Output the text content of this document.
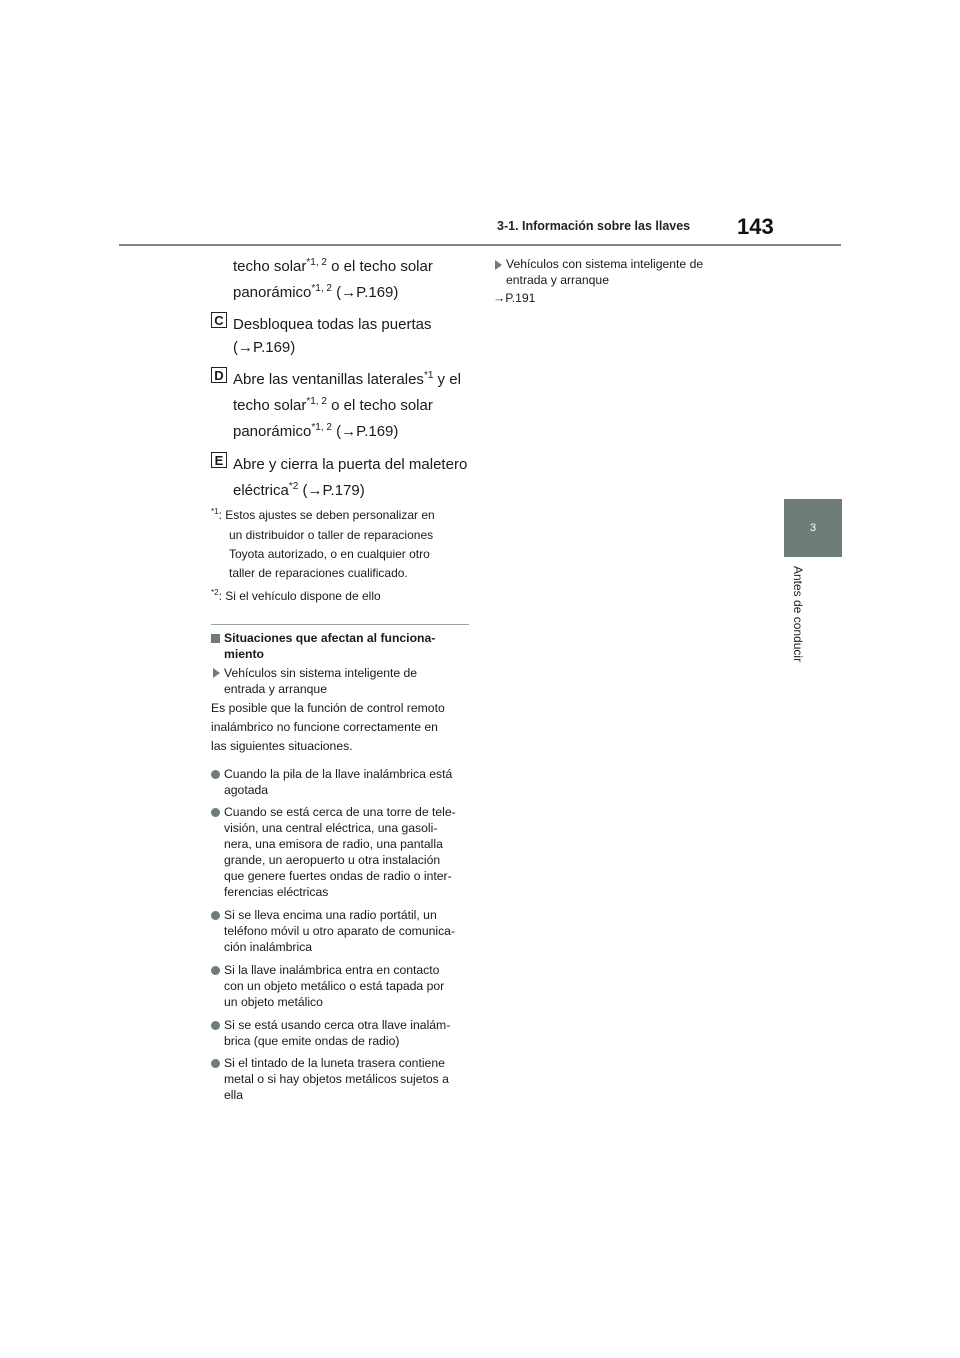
3-1. Información sobre las llaves 143
3
Antes de conducir
techo solar$^{*1, 2}$ o el techo solar
panorámico$^{*1, 2}$ (→P.169)
C Desbloquea todas las puertas
(→P.169)
D Abre las ventanillas laterales$^{*1}$ y el
techo solar$^{*1, 2}$ o el techo solar
panorámico$^{*1, 2}$ (→P.169)
E Abre y cierra la puerta del maletero
eléctrica$^{*2}$ (→P.179)
$^{*1}$: Estos ajustes se deben personalizar en
un distribuidor o taller de reparaciones
Toyota autorizado, o en cualquier otro
taller de reparaciones cualificado.
$^{*2}$: Si el vehículo dispone de ello
Situaciones que afectan al funciona-
miento
Vehículos sin sistema inteligente de
entrada y arranque
Es posible que la función de control remoto
inalámbrico no funcione correctamente en
las siguientes situaciones.
Cuando la pila de la llave inalámbrica está
agotada
Cuando se está cerca de una torre de tele-
visión, una central eléctrica, una gasoli-
nera, una emisora de radio, una pantalla
grande, un aeropuerto u otra instalación
que genere fuertes ondas de radio o inter-
ferencias eléctricas
Si se lleva encima una radio portátil, un
teléfono móvil u otro aparato de comunica-
ción inalámbrica
Si la llave inalámbrica entra en contacto
con un objeto metálico o está tapada por
un objeto metálico
Si se está usando cerca otra llave inalám-
brica (que emite ondas de radio)
Si el tintado de la luneta trasera contiene
metal o si hay objetos metálicos sujetos a
ella
Vehículos con sistema inteligente de
entrada y arranque
→P.191
